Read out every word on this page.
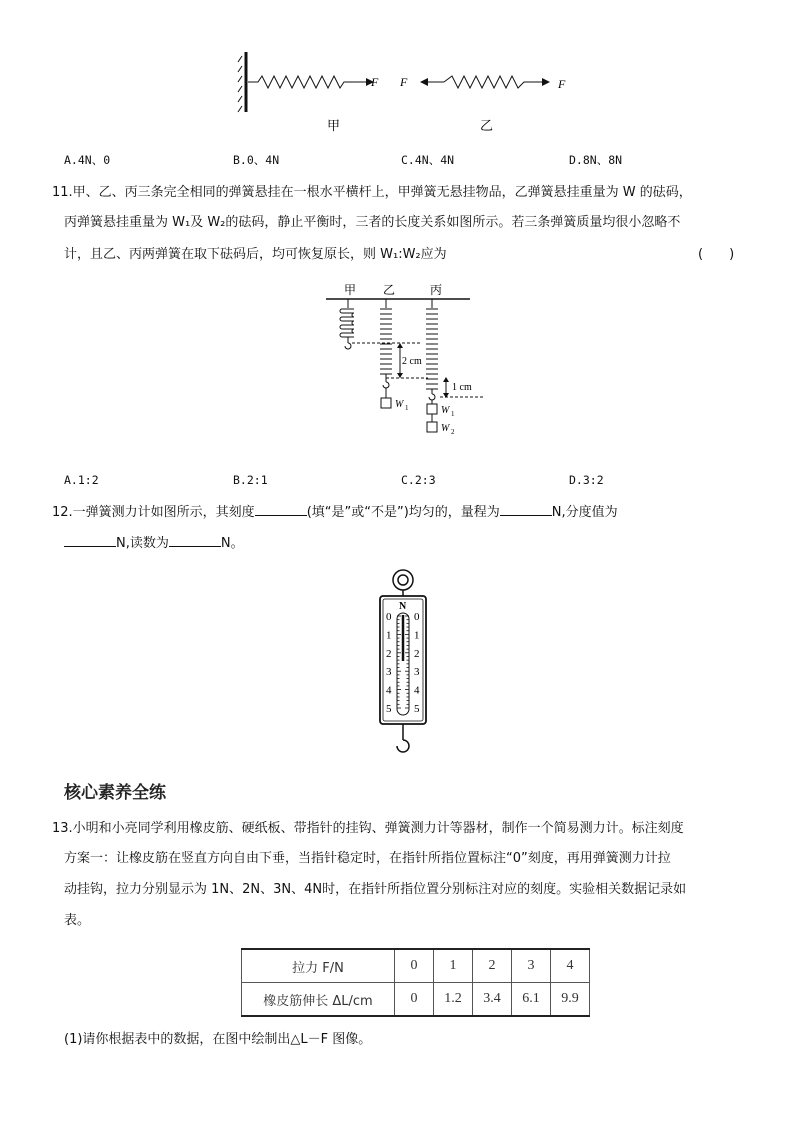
F F	F
甲	乙
A.4N、0	B.0、4N	C.4N、4N	D.8N、8N
11.甲、乙、丙三条完全相同的弹簧悬挂在一根水平横杆上，甲弹簧无悬挂物品，乙弹簧悬挂重量为 W 的砝码，
丙弹簧悬挂重量为 W₁及 W₂的砝码，静止平衡时，三者的长度关系如图所示。若三条弹簧质量均很小忽略不
计，且乙、丙两弹簧在取下砝码后，均可恢复原长，则 W₁:W₂应为	(　　)
甲 乙	丙
W 1
2 cm
1 cm
W 1
W 2
A.1:2	B.2:1	C.2:3	D.3:2
12.一弹簧测力计如图所示，其刻度	(填“是”或“不是”)均匀的，量程为	N,分度值为
N,读数为	N。
N
0 0
1 1
2 2
3 3
4 4
5 5
核心素养全练
13.小明和小亮同学利用橡皮筋、硬纸板、带指针的挂钩、弹簧测力计等器材，制作一个简易测力计。标注刻度
方案一：让橡皮筋在竖直方向自由下垂，当指针稳定时，在指针所指位置标注“0”刻度，再用弹簧测力计拉
动挂钩，拉力分别显示为 1N、2N、3N、4N时，在指针所指位置分别标注对应的刻度。实验相关数据记录如
表。
拉力 F/N	0	1	2	3	4
橡皮筋伸长 ΔL/cm	0	1.2	3.4	6.1	9.9
(1)请你根据表中的数据，在图中绘制出△L－F 图像。
